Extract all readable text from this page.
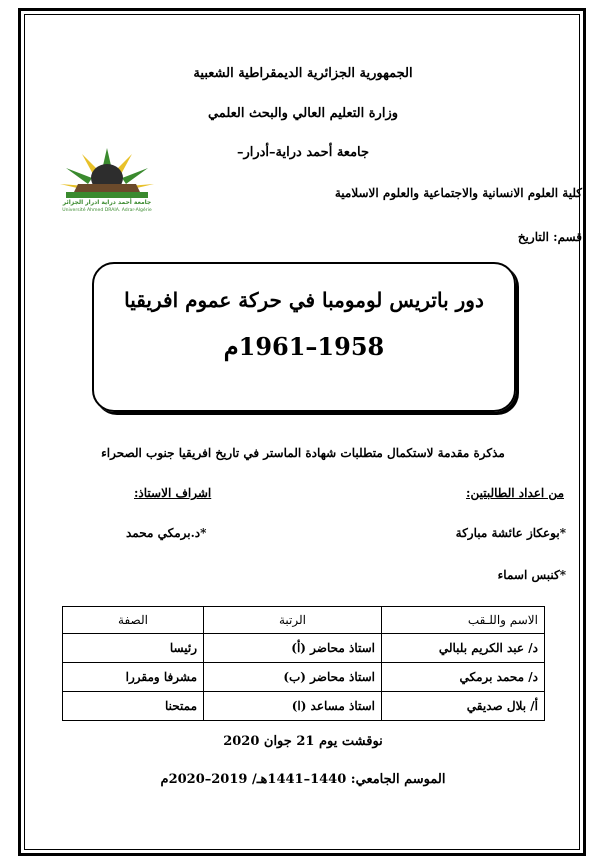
الجمهورية الجزائرية الديمقراطية الشعبية
وزارة التعليم العالي والبحث العلمي
جامعة أحمد دراية–أدرار–
جامعة أحمد دراية ادرار الجزائر
Université Ahmed DRAIA. Adrar-Algérie
كلية العلوم الانسانية والاجتماعية والعلوم الاسلامية
قسم: التاريخ
دور باتريس لومومبا في حركة عموم افريقيا
1958–1961م
مذكرة مقدمة لاستكمال متطلبات شهادة الماستر في تاريخ افريقيا جنوب الصحراء
من اعداد الطالبتين:
اشراف الاستاذ:
*بوعكاز عائشة مباركة
*د.برمكي محمد
*كنبس اسماء
الاسم واللـقب	الرتبة	الصفة
د/ عبد الكريم بلبالي	استاذ محاضر (أ)	رئيسا
د/ محمد برمكي	استاذ محاضر (ب)	مشرفا ومقررا
أ/ بلال صديقي	استاذ مساعد (ا)	ممتحنا
نوقشت يوم 21 جوان 2020
الموسم الجامعي: 1440–1441هـ/ 2019–2020م
